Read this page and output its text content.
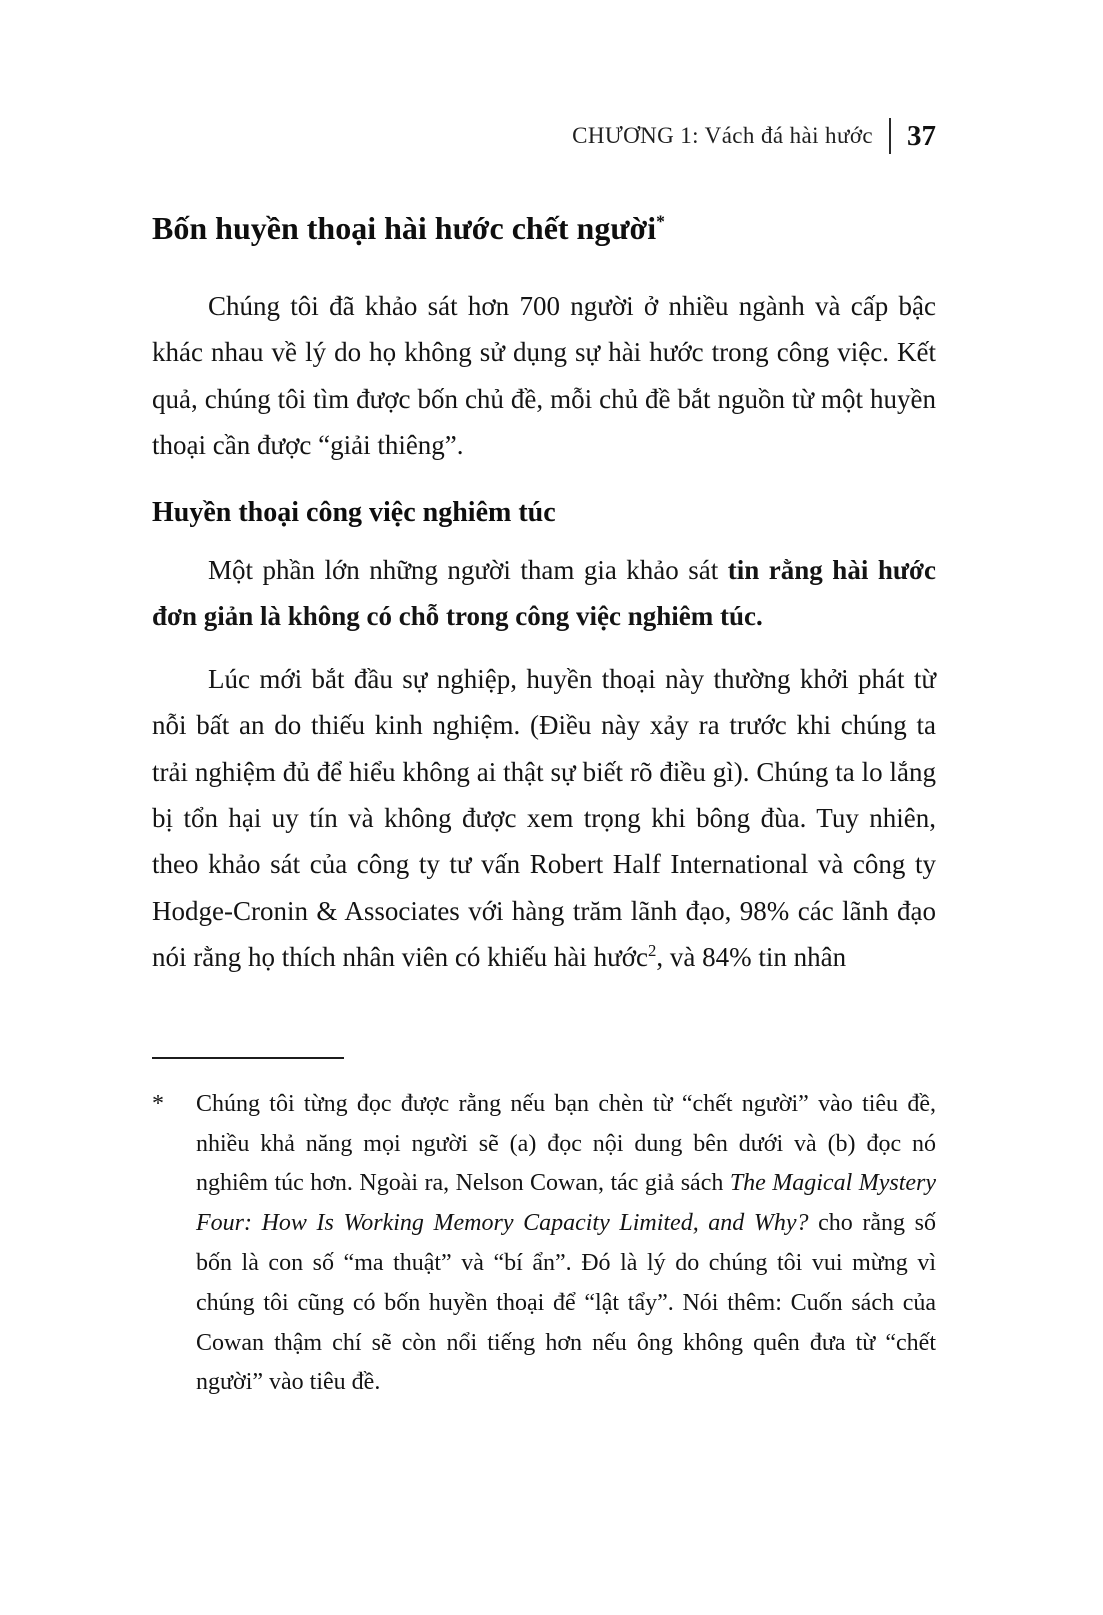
CHƯƠNG 1: Vách đá hài hước 37
Bốn huyền thoại hài hước chết người*

Chúng tôi đã khảo sát hơn 700 người ở nhiều ngành và cấp bậc khác nhau về lý do họ không sử dụng sự hài hước trong công việc. Kết quả, chúng tôi tìm được bốn chủ đề, mỗi chủ đề bắt nguồn từ một huyền thoại cần được “giải thiêng”.

Huyền thoại công việc nghiêm túc

Một phần lớn những người tham gia khảo sát tin rằng hài hước đơn giản là không có chỗ trong công việc nghiêm túc.

Lúc mới bắt đầu sự nghiệp, huyền thoại này thường khởi phát từ nỗi bất an do thiếu kinh nghiệm. (Điều này xảy ra trước khi chúng ta trải nghiệm đủ để hiểu không ai thật sự biết rõ điều gì). Chúng ta lo lắng bị tổn hại uy tín và không được xem trọng khi bông đùa. Tuy nhiên, theo khảo sát của công ty tư vấn Robert Half International và công ty Hodge-Cronin & Associates với hàng trăm lãnh đạo, 98% các lãnh đạo nói rằng họ thích nhân viên có khiếu hài hước$^2$, và 84% tin nhân

*	Chúng tôi từng đọc được rằng nếu bạn chèn từ “chết người” vào tiêu đề, nhiều khả năng mọi người sẽ (a) đọc nội dung bên dưới và (b) đọc nó nghiêm túc hơn. Ngoài ra, Nelson Cowan, tác giả sách The Magical Mystery Four: How Is Working Memory Capacity Limited, and Why? cho rằng số bốn là con số “ma thuật” và “bí ẩn”. Đó là lý do chúng tôi vui mừng vì chúng tôi cũng có bốn huyền thoại để “lật tẩy”. Nói thêm: Cuốn sách của Cowan thậm chí sẽ còn nổi tiếng hơn nếu ông không quên đưa từ “chết người” vào tiêu đề.
